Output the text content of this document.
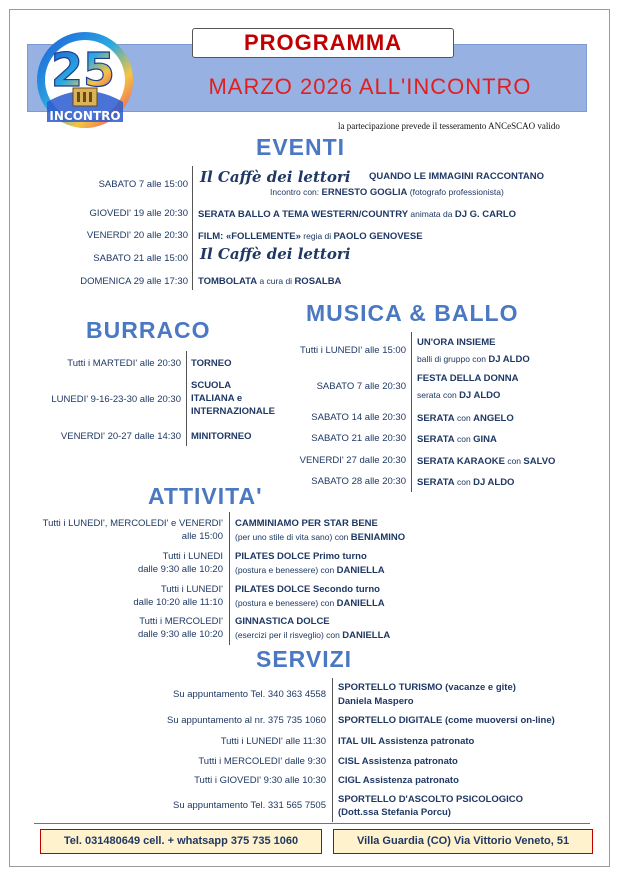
PROGRAMMA
MARZO 2026 ALL'INCONTRO
25
INCONTRO
la partecipazione prevede il tesseramento ANCeSCAO valido
EVENTI
SABATO 7 alle 15:00 Il Caffè dei lettori QUANDO LE IMMAGINI RACCONTANO
Incontro con: ERNESTO GOGLIA (fotografo professionista)
GIOVEDI' 19 alle 20:30 SERATA BALLO A TEMA WESTERN/COUNTRY animata da DJ G. CARLO
VENERDI' 20 alle 20:30 FILM: «FOLLEMENTE» regia di PAOLO GENOVESE
SABATO 21 alle 15:00 Il Caffè dei lettori
DOMENICA 29 alle 17:30 TOMBOLATA a cura di ROSALBA
BURRACO
Tutti i MARTEDI' alle 20:30 TORNEO
LUNEDI' 9-16-23-30 alle 20:30
SCUOLA
ITALIANA e
INTERNAZIONALE
VENERDI' 20-27 dalle 14:30 MINITORNEO
MUSICA & BALLO
Tutti i LUNEDI' alle 15:00
UN'ORA INSIEME
balli di gruppo con DJ ALDO
SABATO 7 alle 20:30
FESTA DELLA DONNA
serata con DJ ALDO
SABATO 14 alle 20:30 SERATA con ANGELO
SABATO 21 alle 20:30 SERATA con GINA
VENERDI' 27 dalle 20:30 SERATA KARAOKE con SALVO
SABATO 28 alle 20:30 SERATA con DJ ALDO
ATTIVITA'
Tutti i LUNEDI', MERCOLEDI' e VENERDI'
alle 15:00
CAMMINIAMO PER STAR BENE
(per uno stile di vita sano) con BENIAMINO
Tutti i LUNEDI
dalle 9:30 alle 10:20
PILATES DOLCE Primo turno
(postura e benessere) con DANIELLA
Tutti i LUNEDI'
dalle 10:20 alle 11:10
PILATES DOLCE Secondo turno
(postura e benessere) con DANIELLA
Tutti i MERCOLEDI'
dalle 9:30 alle 10:20
GINNASTICA DOLCE
(esercizi per il risveglio) con DANIELLA
SERVIZI
Su appuntamento Tel. 340 363 4558
SPORTELLO TURISMO (vacanze e gite)
Daniela Maspero
Su appuntamento al nr. 375 735 1060 SPORTELLO DIGITALE (come muoversi on-line)
Tutti i LUNEDI' alle 11:30 ITAL UIL Assistenza patronato
Tutti i MERCOLEDI' dalle 9:30 CISL Assistenza patronato
Tutti i GIOVEDI' 9:30 alle 10:30 CIGL Assistenza patronato
Su appuntamento Tel. 331 565 7505
SPORTELLO D'ASCOLTO PSICOLOGICO
(Dott.ssa Stefania Porcu)
Tel. 031480649 cell. + whatsapp 375 735 1060	Villa Guardia (CO) Via Vittorio Veneto, 51
